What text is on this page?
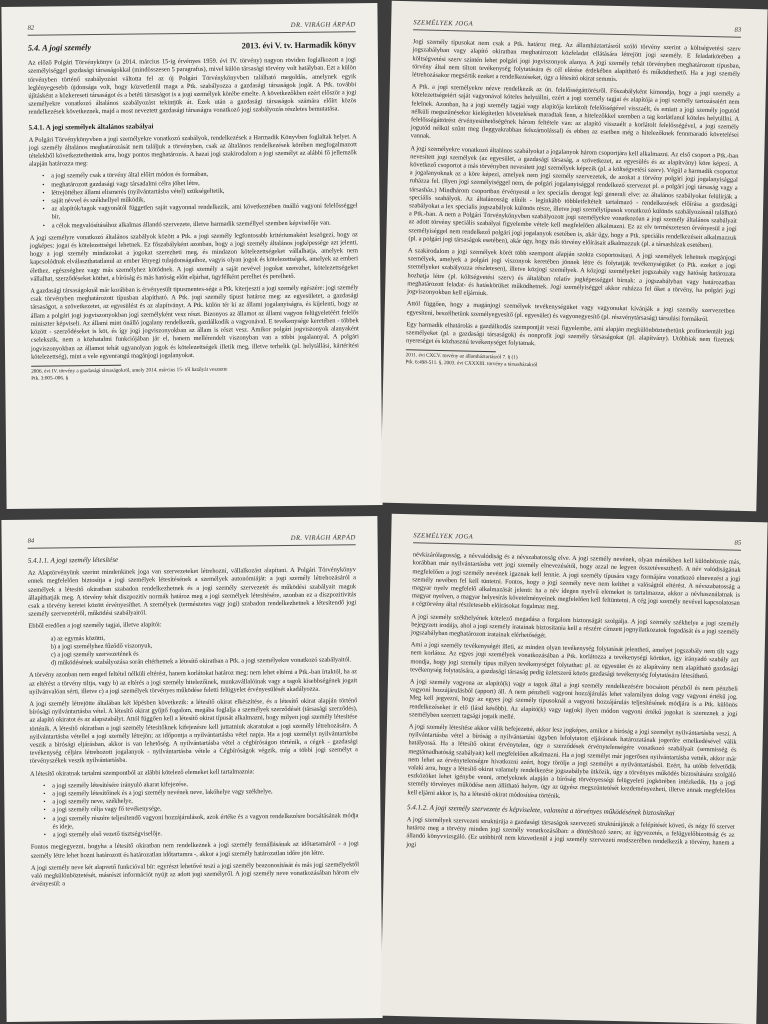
82	DR. VIRÁGH ÁRPÁD
5.4. A jogi személy	2013. évi V. tv. Harmadik könyv

Az előző Polgári Törvénykönyv (a 2014. március 15-ig érvényes 1959. évi IV. törvény) nagyon röviden foglalkozott a jogi személyiséggel gazdasági társaságokkal (mindösszesen 5 paragrafus), mivel külön társasági törvény volt hatályban. Ezt a külön törvényben történő szabályozást váltotta fel az új Polgári Törvénykönyvben található megoldás, amelynek egyik leglényegesebb újdonsága volt, hogy közvetlenül maga a Ptk. szabályozza a gazdasági társaságok jogát. A Ptk. további újításként a közkereseti társaságot és a betéti társaságot is a jogi személyek körébe emelte. A következőkben ezért először a jogi személyekre vonatkozó általános szabályozást tekintjük át. Ezek után a gazdasági társaságok számára előírt közös rendelkezések következnek, majd a most neveztett gazdasági társaságra vonatkozó jogi szabályozás részletes bemutatása.

5.4.1. A jogi személyek általános szabályai

A Polgári Törvénykönyvben a jogi személyekre vonatkozó szabályok, rendelkezések a Harmadik Könyvben foglaltak helyet. A jogi személy általános meghatározását nem találjuk a törvényben, csak az általános rendelkezések körében megfogalmazott tételekből következtethetünk arra, hogy pontos meghatározás. A hazai jogi szakirodalom a jogi személyt az alábbi fő jellemzők alapján határozza meg:

• a jogi személy csak a törvény által előírt módon és formában,
• meghatározott gazdasági vagy társadalmi célra jöhet létre,
• létrejöttéhez állami elismerés (nyilvántartásba vétel) szükségeltetik,
• saját névvel és székhellyel működik,
• az alapítók/tagok vagyonától független saját vagyonnal rendelkezik, ami következtében önálló vagyoni felelősséggel bír,
• a célok megvalósításához alkalmas állandó szervezete, illetve harmadik személlyel szemben képviselője van.

A jogi személyre vonatkozó általános szabályok között a Ptk. a jogi személy legfontosabb kritériumaként leszögezi, hogy az jogképes: jogai és kötelezettségei lehetnek. Ez főszabályként azonban, hogy a jogi személy általános jogképessége azt jelenti, hogy a jogi személy mindazokat a jogokat szerezheti meg, és mindazon kötelezettségeket vállalhatja, amelyek nem kapcsolódnak elválaszthatatlanul az ember lényegi tulajdonságaihoz, vagyis olyan jogok és kötelezettségek, amelyek az emberi élethez, egészséghez vagy más személyhez kötődnek. A jogi személy a saját nevével jogokat szerezhet, kötelezettségeket vállalhat, szerződéseket köthet, a bíróság és más hatóság előtt eljárhat, ügyfélként perelhet és perelhető.

A gazdasági társaságoknál már korábban is érvényesült tipusmentes-sége a Ptk. kiterjeszti a jogi személy egészére: jogi személy csak törvényben meghatározott típusban alapítható. A Ptk. jogi személy tipust határoz meg: az egyesületet, a gazdasági társaságot, a szövetkezetet, az egyesülést és az alapítványt. A Ptk. külön tér ki az állami jogalanyiságra, és kijelenti, hogy az állam a polgári jogi jogviszonyokban jogi személyként vesz részt. Bizonyos az államot az állami vagyon felügyeletéért felelős miniszter képviseli. Az állami mint önálló jogalany rendelkezik, gazdálkodik a vagyonával. E tevékenysége keretében - többek között - szerződéseket is köt, és így jogi jogviszonyokban az állam is részt vesz. Amikor polgári jogviszonyok alanyaként cselekszik, nem a közhatalmi funkciójában jár el, hanem mellérendelt viszonyban van a többi jogalannyal. A polgári jogviszonyokban az államot tehát ugyanolyan jogok és kötelezettségek illetik meg, illetve terhelik (pl. helytállási, kártérítési kötelezettség), mint a vele egyenrangú magánjogi jogalanyokat.

2006. évi IV. törvény a gazdasági társaságokról, amely 2014. március 15- től hatályát vesztette

Ptk. 3:005–006. §

SZEMÉLYEK JOGA
83

Jogi személy típusokat nem csak a Ptk. határoz meg. Az államháztartásról szóló törvény szerint a költségvetési szerv jogszabályban vagy alapító okiratban meghatározott közfeladat ellátására létrejött jogi személy. E feladatkörében a költségvetési szerv szintén lehet polgári jogi jogviszonyok alanya. A jogi személy tehát törvényben meghatározott típusban, törvény által nem tiltott tevékenység folytatására és cél elérése érdekében alapítható és működtethető. Ha a jogi személy létrehozásakor megsértik ezeket a rendelkezéseket, úgy a létesítő okirat semmis.

A Ptk. a jogi személyekre nézve rendelkezik az ún. felelősségáttörésről. Főszabályként kimondja, hogy a jogi személy a kötelezettségeiért saját vagyonával köteles helytállni, ezért a jogi személy tagjai és alapítója a jogi személy tartozásaiért nem felelnek. Azonban, ha a jogi személy tagjai vagy alapítója korlátolt felelősségével visszaélt, és emiatt a jogi személy jogutód nélküli megszűnésekor kielégítetlen követelések maradtak fenn, a hitelezőkkel szemben a tag korlátlanul köteles helytállni. A felelősségáttörést érvényesíthetőségének három feltétele van: az alapító visszaélt a korlátolt felelősségével, a jogi személy jogutód nélkül szűnt meg (leggyakrabban felszámolással) és ebben az esetben még a hitelezőknek fennmaradó követelései vannak.

A jogi személyekre vonatkozó általános szabályokat a jogalanyok három csoportjára kell alkalmazni. Az első csoport a Ptk.-ban nevesített jogi személyek (az egyesület, a gazdasági társaság, a szövetkezet, az egyesülés és az alapítvány) köre képezi. A következő csoportot a más törvényben nevesített jogi személyek képezik (pl. a költségvetési szerv). Végül a harmadik csoportot a jogalanyoknak az a köre képezi, amelyek nem jogi személy szervezetek, de azokat a törvény polgári jogi jogalanyisággal ruházza fel. (Ilyen jogi személyiséggel nem, de polgári jogalanyisággal rendelkező szervezet pl. a polgári jogi társaság vagy a társasház.) Mindhárom csoportban érvényesül a lex specialis derogat legi generali elve: az általános szabályokat felülírják a speciális szabályok. Az általánosság elítélt - leginkább többletfeltételt tartalmazó - rendelkezések előírása a gazdasági szabályokat a lex specialis jogszabályok különös része, illetve jogi személytípusok vonatkozó különös szabályozásnál található a Ptk.-ban. A nem a Polgári Törvénykönyvben szabályozott jogi személyekre vonatkozóan a jogi személy általános szabályait az adott törvény speciális szabályai figyelembe vétele kell megfelelően alkalmazni. Ez az elv természetesen érvényesül a jogi személyiséggel nem rendelkező polgári jogi jogalanyok esetében is, akár úgy, hogy a Ptk. speciális rendelkezéseit alkalmazzuk (pl. a polgári jogi társaságok esetében), akár úgy, hogy más törvény előírásait alkalmazzuk (pl. a társasházak esetében).

A szakirodalom a jogi személyek körét több szempont alapján szokta csoportosítani. A jogi személyek lehetnek magánjogi személyek, amelyek a polgári jogi viszonyok keretében jönnek létre és folytatják tevékenységüket (a Ptk. ezeket a jogi személyeket szabályozza részletesen), illetve közjogi személyek. A közjogi személyeket jogszabály vagy hatóság határozata hozhatja létre (pl. költségvetési szerv) és általában relatív jogképességgel bírnak: a jogszabályban vagy határozatban meghatározott feladat- és hatáskörüket működhetnek. Jogi személyiséggel akkor ruházza fel őket a törvény, ha polgári jogi jogviszonyokban kell eljárniuk.

Attól függően, hogy a magánjogi személyek tevékenységüket vagy vagyonukat kívánják a jogi személy szervezetben egyesíteni, beszélhetünk személyegyesítő (pl. egyesület) és vagyonegyesítő (pl. részvénytársaság) társulási formákról.

Egy harmadik elhatárolás a gazdálkodás szempontját veszi figyelembe, ami alapján megkülönböztethetünk profitorientált jogi személyeket (pl. a gazdasági társaságok) és nonprofit jogi személy társaságokat (pl. alapítvány). Utóbbiak nem fizetnek nyereséget és közhasznú tevékenységet folytatnak.

2011. évi CXCV. törvény az államháztartásról 7. § (1)

Ptk. 6:498-511. §, 2003. évi CXXXIII. törvény a társasházakról

84	DR. VIRÁGH ÁRPÁD
5.4.1.1. A jogi személy létesítése

Az Alaptörvényünk szerint mindenkinek joga van szervezeteket létrehozni, vállalkozást alapítani. A Polgári Törvénykönyv ennek megfelelően biztosítja a jogi személyek létesítésének a személyek autonómiáját: a jogi személy létrehozásáról a személyek a létesítő okiratban szabadon rendelkezhetnek és a jogi személy szervezetét és működési szabályait maguk állapíthatják meg. A törvény tehát diszpozitív normák határoz meg a jogi személyek létesítésére, azonban ez a diszpozitivitás csak a törvény keretei között érvényesíthet. A személyek (természetes vagy jogi) szabadon rendelkezhetnek a létesítendő jogi személy szervezetéről, működési szabályairól.

Ebből eredően a jogi személy tagjai, illetve alapítói:

a) az egymás közötti,
b) a jogi személyhez fűződő viszonyuk,
c) a jogi személy szervezetének és
d) működésének szabályozása során eltérhetnek a létesítő okiratban a Ptk. a jogi személyekre vonatkozó szabályaitól.

A törvény azonban nem enged feltétel nélküli eltérést, hanem korlátokat határoz meg: nem lehet eltérni a Ptk.-ban írtaktól, ha az az eltérést a törvény tiltja, vagy b) az eltérés a jogi személy hitelezőinek, munkavállalóinak vagy a tagok kisebbségének jogait nyilvánvalóan sérti, illetve c) a jogi személyek törvényes működése feletti felügyelet érvényesülését akadályozza.

A jogi személy létrejötte általában két lépésben következik: a létesítő okirat elkészítése, és a létesítő okirat alapján történő bírósági nyilvántartásba vétel. A létesítő okirat gyűjtő fogalom, megába foglalja a személyek szerződését (társasági szerződés), az alapító okiratot és az alapszabályt. Attól függően kell a létesítő okirat típusát alkalmazni, hogy milyen jogi személy létesítése történik. A létesítő okiratban a jogi személy létesítőknek kifejezésre kell juttatniuk akaratukat a jogi személy létrehozására. A nyilvántartásba vétellel a jogi személy létrejön; az időpontja a nyilvántartásba vétel napja. Ha a jogi személyt nyilvántartásba veszik a bírósági eljárásban, akkor is van lehetőség. A nyilvántartásba vétel a cégbíróságon történik, a cégek - gazdasági tevékenység céljára létrehozott jogalanyok - nyilvántartásba vétele a Cégbíróságok végzik, míg a többi jogi személyt a törvényszékek veszik nyilvántartásba.

A létesítő okiratnak tartalmi szempontból az alábbi kötelező elemeket kell tartalmaznia:

• a jogi személy létesítésére irányuló akarat kifejezése,
• a jogi személy létesítőinek és a jogi személy nevének neve, lakóhelye vagy székhelye,
• a jogi személy neve, székhelye,
• a jogi személy célja vagy fő tevékenysége,
• a jogi személy részére teljesítendő vagyoni hozzájárulások, azok értéke és a vagyon rendelkezésre bocsátásának módja és ideje,
• a jogi személy első vezető tisztségviselője.

Fontos megjegyezni, hogyha a létesítő okiratban nem rendelkeznek a jogi személy fennállásának az időtartamáról - a jogi személy létre lehet hozni határozott és határozatlan időtartamra -, akkor a jogi személy határozatlan időre jön létre.

A jogi személy neve két alapvető funkcióval bír: egyrészt lehetővé teszi a jogi személy beazonosítását és más jogi személyektől való megkülönböztetését, másrészt információt nyújt az adott jogi személyről. A jogi személy neve vonatkozásában három elv érvényesül: a

SZEMÉLYEK JOGA
85

névkizárólagosság, a névvalódiság és a névszabatosság elve. A jogi személy nevének, olyan mértékben kell különböznie más, korábban már nyilvántartásba vett jogi személy elnevezésétől, hogy azzal ne legyen összetéveszthető. A név valódiságának megfelelően a jogi személy nevének igaznak kell lennie. A jogi személy típusára vagy formájára vonatkozó elnevezést a jogi személy nevében fel kell tüntetni. Fontos, hogy a jogi személy neve nem kelthet a valóságtól eltérést. A névszabatosság a magyar nyelv megfelelő alkalmazását jelenti: ha a név idegen nyelvű elemeket is tartalmazza, akkor a névhasználatnak is magyar nyelven, a magyar helyesírás követelményeinek megfelelően kell feltüntetni. A cég jogi személy nevével kapcsolatosan a cégtörvény által részletesebb előírásokat fogalmaz meg.

A jogi személy székhelyének kötelező megadása a forgalom biztonságát szolgálja. A jogi személy székhelye a jogi személy bejegyzett irodája, ahol a jogi személy iratainak biztosítania kell a részére címzett jognyilatkozatok fogadását és a jogi személy jogszabályban meghatározott iratainak elérhetőségét.

Ami a jogi személy tevékenységét illeti, az minden olyan tevékenység folytatását jelentheti, amelyet jogszabály nem tilt vagy nem korlátoz. Az egyes jogi személyek vonatkozásában a Ptk. korlátozza a tevékenységi körüket, így irányadó szabály azt mondja, hogy jogi személy típus milyen tevékenységet folytathat: pl. az egyesület és az alapítvány nem alapítható gazdasági tevékenység folytatására, a gazdasági társaság pedig üzletszerű közös gazdasági tevékenység folytatására létesíthető.

A jogi személy vagyona az alapító(k) vagy a tagok által a jogi személy rendelkezésére bocsátott pénzből és nem pénzbeli vagyoni hozzájárulásból (apport) áll. A nem pénzbeli vagyoni hozzájárulás lehet valamilyen dolog vagy vagyoni értékű jog. Meg kell jegyezni, hogy az egyes jogi személy típusoknál a vagyoni hozzájárulás teljesítésének módjára is a Ptk. különös rendelkezéseket ír elő (lásd később). Az alapító(k) vagy tag(ok) ilyen módon vagyoni értékű jogokat is szereznek a jogi személyben szerzett tagsági jogaik mellé.

A jogi személy létesítése akkor válik befejezetté, akkor lesz jogképes, amikor a bíróság a jogi személyt nyilvántartásba veszi. A nyilvántartásba vétel a bíróság a nyilvántartási ügyben lefolytatott eljárásnak határozatának jogerőre emelkedésével válik hatályossá. Ha a létesítő okirat érvénytelen, úgy a szerződések érvénytelenségére vonatkozó szabályait (semmisség és megtámadhatóság szabályait) kell megfelelően alkalmazni. Ha a jogi személyt már jogerősen nyilvántartásba vették, akkor már nem lehet az érvénytelenségre hivatkozni azért, hogy törölje a jogi személyt a nyilvántartásból. Ezért, ha utóbb felvetődik valaki arra, hogy a létesítő okirat valamely rendelkezése jogszabályba ütközik, úgy a törvényes működés biztosítására szolgáló eszközöket lehet igénybe venni, amelyeknek alapján a bíróság törvényességi felügyeleti jogkörében intézkedik. Ha a jogi személy törvényes működése nem állítható helyre, úgy az ügyész megszüntetését kezdeményezheti, illetve annak megfelelően kell eljárni akkor is, ha a létesítő okirat módosítása történik.

5.4.1.2. A jogi személy szervezete és képviselete, valamint a törvényes működésének biztosítékai

A jogi személyek szervezeti struktúrája a gazdasági társaságok szervezeti struktúrájának a felépítését követi, és négy fő szervet határoz meg a törvény minden jogi személy vonatkozásában: a döntéshozó szerv, az ügyvezetés, a felügyelőbizottság és az állandó könyvvizsgáló. (Ez utóbbiról nem közvetlenül a jogi személy szervezeti rendszerében rendelkezik a törvény, hanem a jogi
